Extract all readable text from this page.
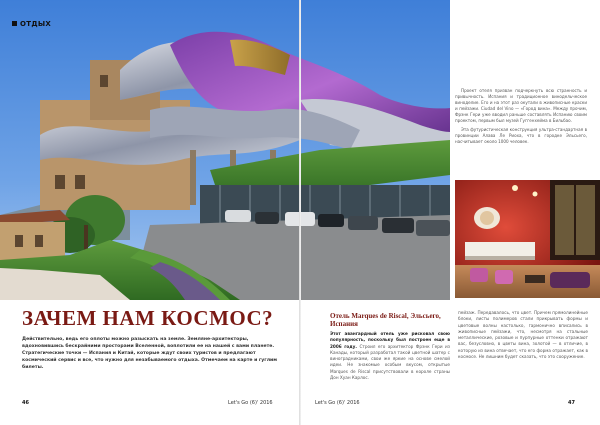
ОТДЫХ

Проект отеля призван подчеркнуть всю странность и привычность. Испания и традиционное винодельческое виноделие. Его и на этот раз окутали в живописные краски и пейзажи. Ciudad del Vino — «Город вина». Между прочим, Фрэнк Гери уже вводил раньше составлять Испанию своим проектом, первым был музей Гуггенхейма в Бильбао.

Эта футуристическая конструкция ультра-стандартная в провинции Алава Ле Риоха, что в городке Эльсьего, насчитывает около 1000 человек.

ЗАЧЕМ НАМ КОСМОС?
Действительно, ведь его оплоты можно разыскать на земле. Земляне-архитекторы, вдохновившись бескрайними просторами Вселенной, воплотили ее на нашей с вами планете. Стратегические точки — Испания и Китай, которые ждут своих туристов и предлагают космический сервис и все, что нужно для незабываемого отдыха. Отмечаем на карте и гуглим билеты.
Отель Marques de Riscal, Эльсьего, Испания
Этот авангардный отель уже рисковал свою популярность, поскольку был построен еще в 2006 году. Строил его архитектор Фрэнк Гери из Канады, который разработал такой цветной шатер с виноградниками, свои же яркие на основе смелой идеи. Не знакомые особым вкусом, открытые Marques de Riscal присутствовали в короле страны Дон Хуан Карлос.
пейзаж. Передавалось, что цвет. Причем прямолинейные блоки, листы полимеров стали прикрывать формы и цветовые волны настолько, гармонично вписались в живописные пейзажи, что, несмотря на стальные металлические, розовые и пурпурные оттенки отражают вас, безусловно, в цветы вина, золотой — в отличие, в которую из вина отвечает, что его форма отражает, как в космосе. Не лишним будет сказать, что это сооружение.
46	Let's Go (6)' 2016	Let's Go (6)' 2016	47
